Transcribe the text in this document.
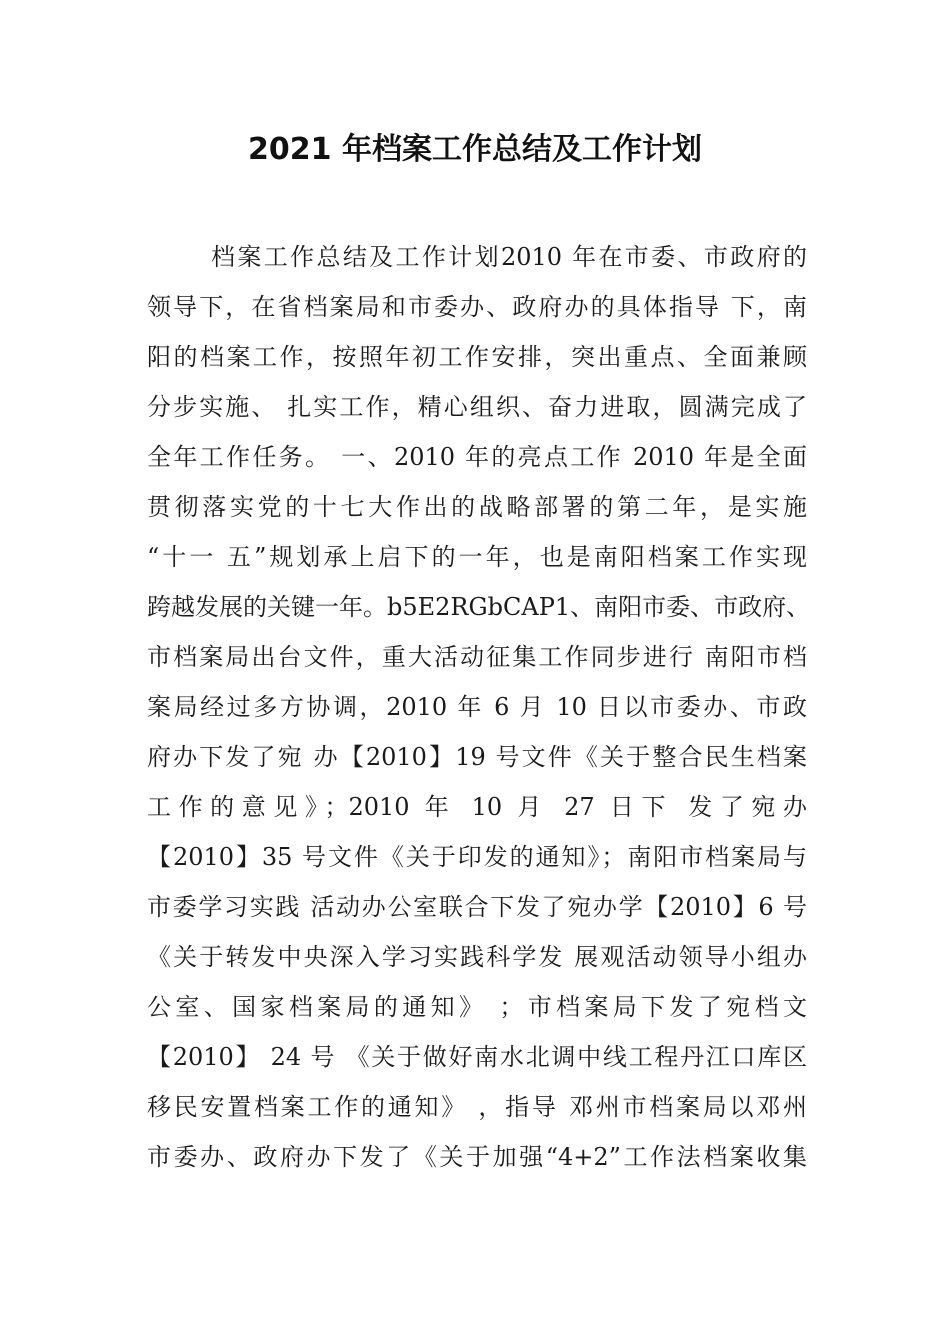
2021 年档案工作总结及工作计划
档案工作总结及工作计划2010 年在市委、市政府的
领导下，在省档案局和市委办、政府办的具体指导 下，南
阳的档案工作，按照年初工作安排，突出重点、全面兼顾
分步实施、 扎实工作，精心组织、奋力进取，圆满完成了
全年工作任务。 一、2010 年的亮点工作 2010 年是全面
贯彻落实党的十七大作出的战略部署的第二年，是实施
“十一 五”规划承上启下的一年，也是南阳档案工作实现
跨越发展的关键一年。b5E2RGbCAP1、南阳市委、市政府、
市档案局出台文件，重大活动征集工作同步进行 南阳市档
案局经过多方协调，2010 年 6 月 10 日以市委办、市政
府办下发了宛 办【2010】19 号文件《关于整合民生档案
工作的意见》；2010 年 10 月 27 日下 发了宛办
【2010】35 号文件《关于印发的通知》；南阳市档案局与
市委学习实践 活动办公室联合下发了宛办学【2010】6 号
《关于转发中央深入学习实践科学发 展观活动领导小组办
公室、国家档案局的通知》 ；市档案局下发了宛档文
【2010】 24 号 《关于做好南水北调中线工程丹江口库区
移民安置档案工作的通知》 ，指导 邓州市档案局以邓州
市委办、政府办下发了《关于加强“4+2”工作法档案收集
